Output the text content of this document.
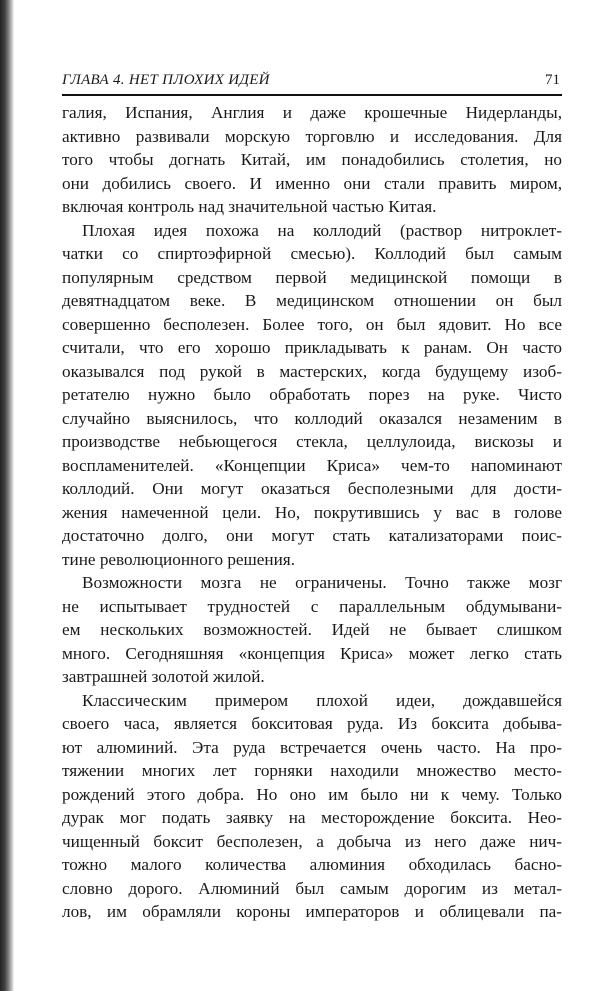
ГЛАВА 4. НЕТ ПЛОХИХ ИДЕЙ	71
галия, Испания, Англия и даже крошечные Нидерланды,
активно развивали морскую торговлю и исследования. Для
того чтобы догнать Китай, им понадобились столетия, но
они добились своего. И именно они стали править миром,
включая контроль над значительной частью Китая.
Плохая идея похожа на коллодий (раствор нитроклет-
чатки со спиртоэфирной смесью). Коллодий был самым
популярным средством первой медицинской помощи в
девятнадцатом веке. В медицинском отношении он был
совершенно бесполезен. Более того, он был ядовит. Но все
считали, что его хорошо прикладывать к ранам. Он часто
оказывался под рукой в мастерских, когда будущему изоб-
ретателю нужно было обработать порез на руке. Чисто
случайно выяснилось, что коллодий оказался незаменим в
производстве небьющегося стекла, целлулоида, вискозы и
воспламенителей. «Концепции Криса» чем-то напоминают
коллодий. Они могут оказаться бесполезными для дости-
жения намеченной цели. Но, покрутившись у вас в голове
достаточно долго, они могут стать катализаторами поис-
тине революционного решения.
Возможности мозга не ограничены. Точно также мозг
не испытывает трудностей с параллельным обдумывани-
ем нескольких возможностей. Идей не бывает слишком
много. Сегодняшняя «концепция Криса» может легко стать
завтрашней золотой жилой.
Классическим примером плохой идеи, дождавшейся
своего часа, является бокситовая руда. Из боксита добыва-
ют алюминий. Эта руда встречается очень часто. На про-
тяжении многих лет горняки находили множество место-
рождений этого добра. Но оно им было ни к чему. Только
дурак мог подать заявку на месторождение боксита. Нео-
чищенный боксит бесполезен, а добыча из него даже нич-
тожно малого количества алюминия обходилась басно-
словно дорого. Алюминий был самым дорогим из метал-
лов, им обрамляли короны императоров и облицевали па-
